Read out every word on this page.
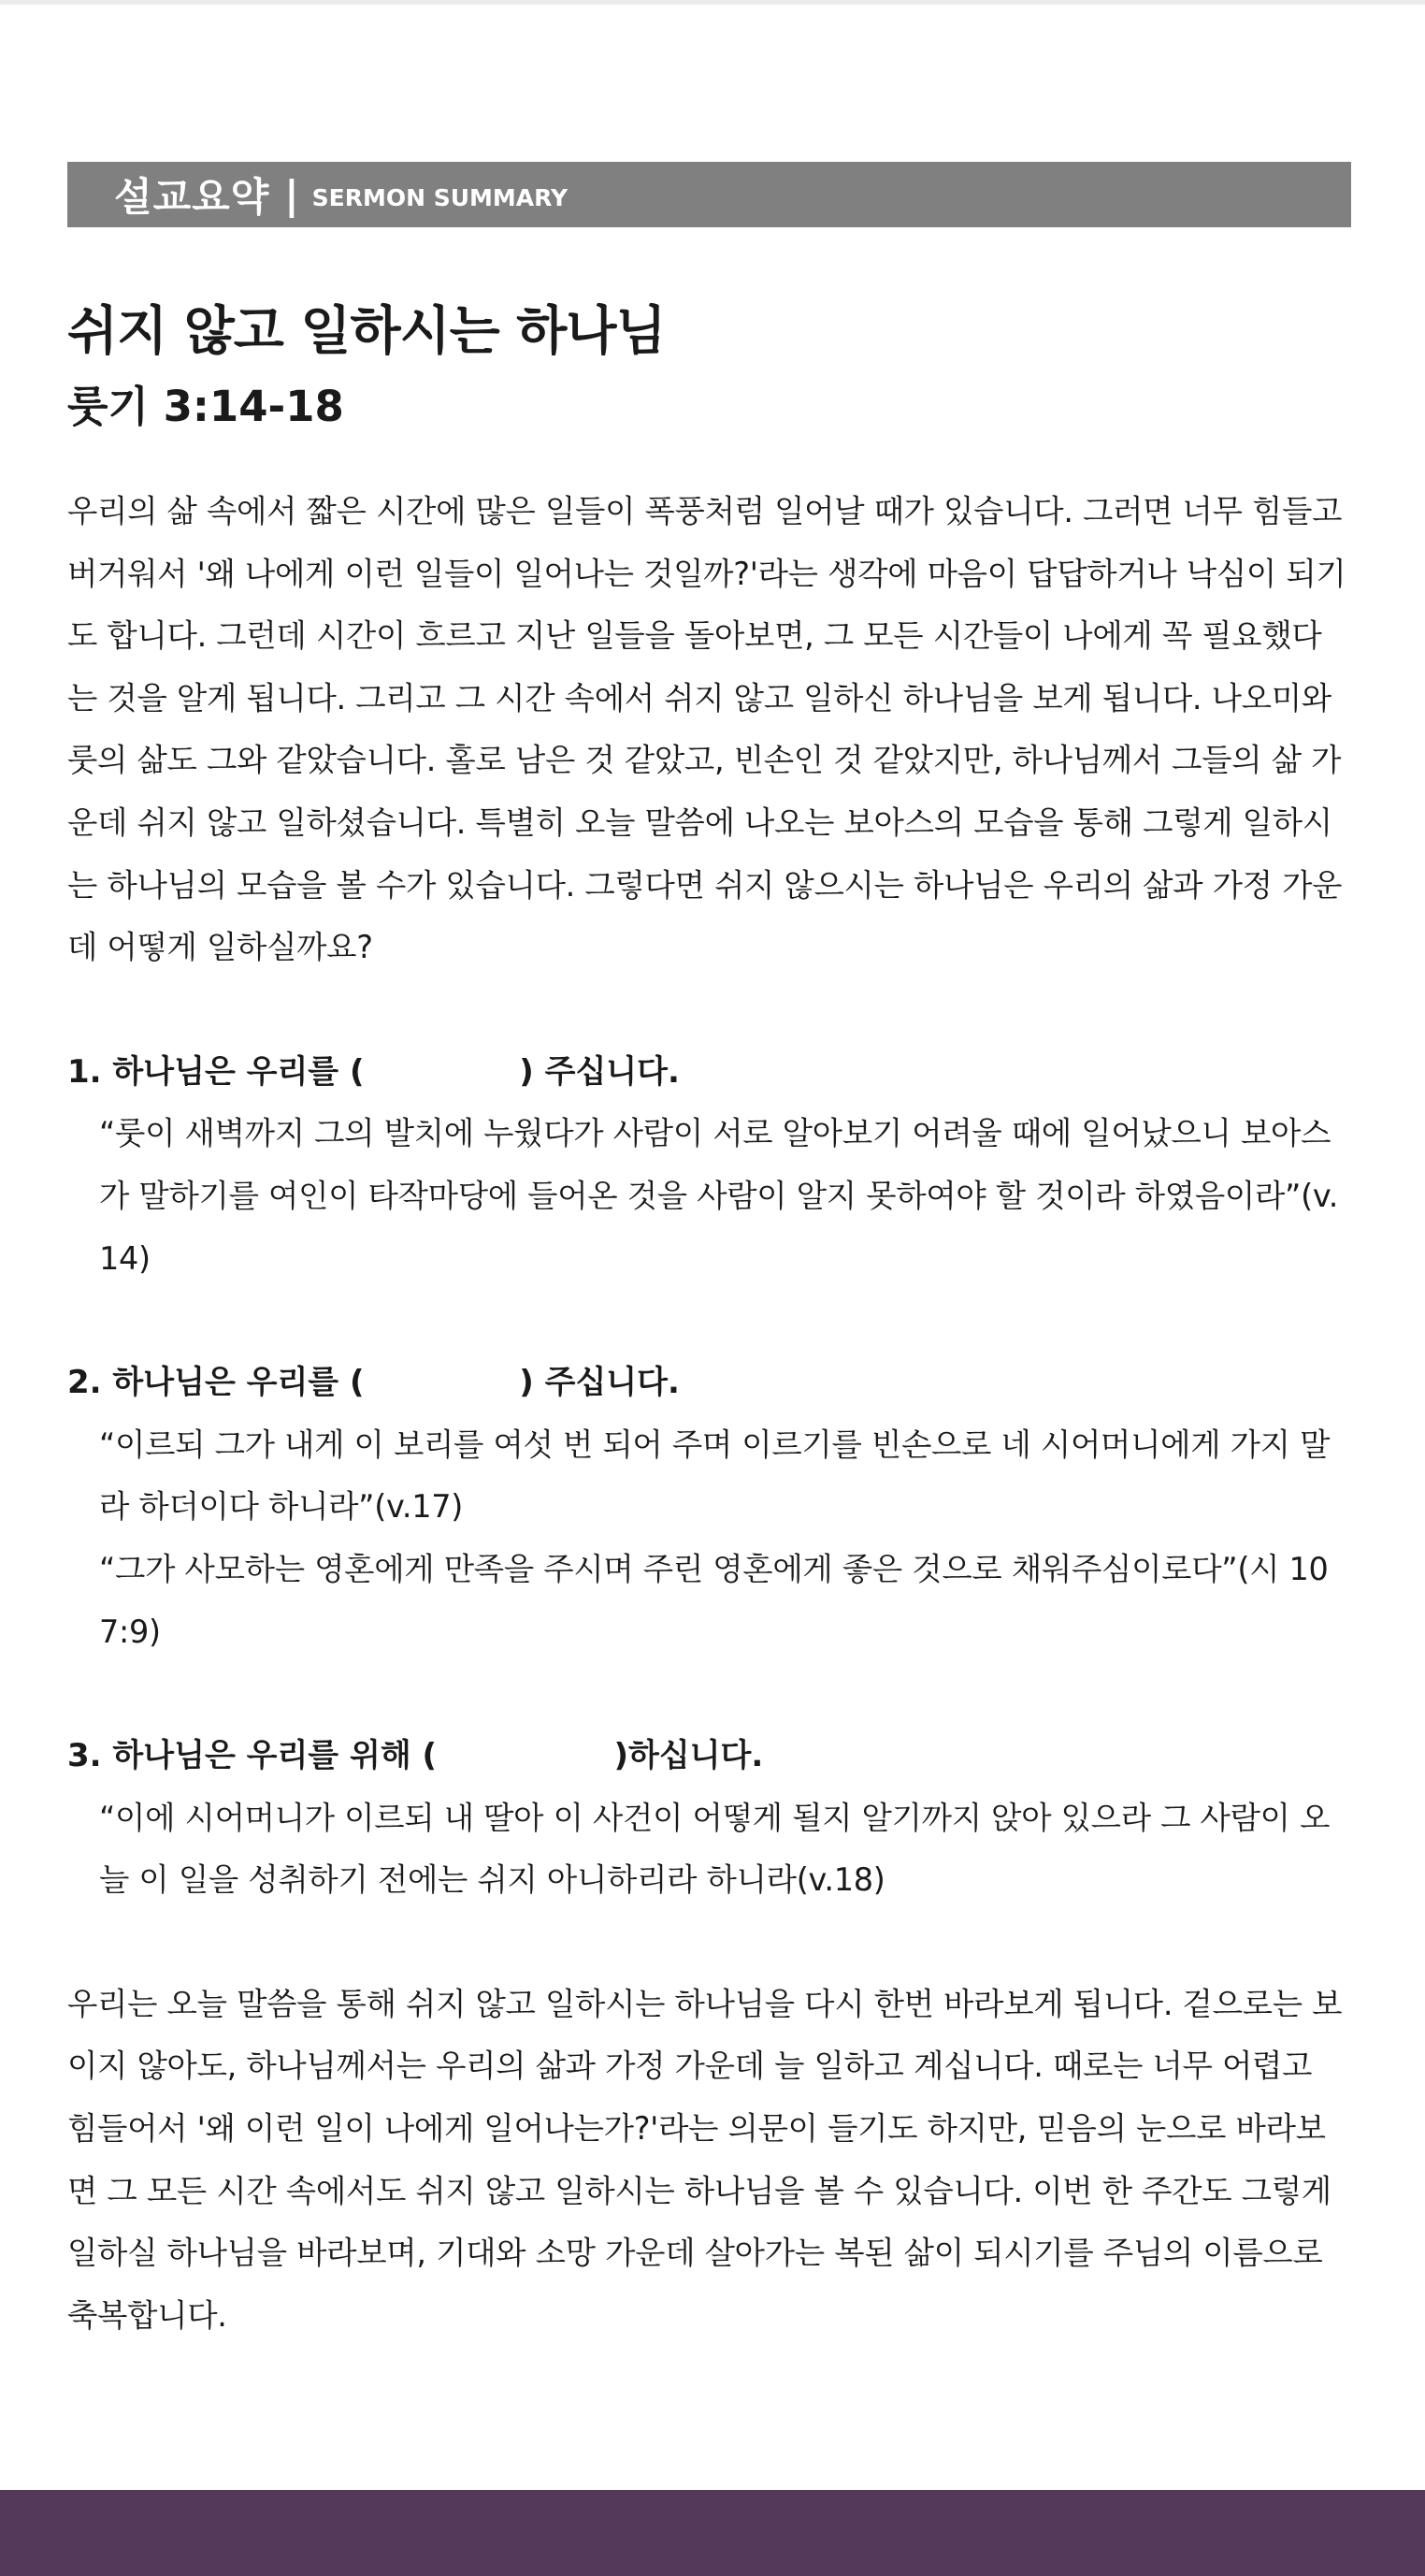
설교요약 | SERMON SUMMARY
쉬지 않고 일하시는 하나님
룻기 3:14-18

우리의 삶 속에서 짧은 시간에 많은 일들이 폭풍처럼 일어날 때가 있습니다. 그러면 너무 힘들고 버거워서 '왜 나에게 이런 일들이 일어나는 것일까?'라는 생각에 마음이 답답하거나 낙심이 되기도 합니다. 그런데 시간이 흐르고 지난 일들을 돌아보면, 그 모든 시간들이 나에게 꼭 필요했다는 것을 알게 됩니다. 그리고 그 시간 속에서 쉬지 않고 일하신 하나님을 보게 됩니다. 나오미와 룻의 삶도 그와 같았습니다. 홀로 남은 것 같았고, 빈손인 것 같았지만, 하나님께서 그들의 삶 가운데 쉬지 않고 일하셨습니다. 특별히 오늘 말씀에 나오는 보아스의 모습을 통해 그렇게 일하시는 하나님의 모습을 볼 수가 있습니다. 그렇다면 쉬지 않으시는 하나님은 우리의 삶과 가정 가운데 어떻게 일하실까요?

1. 하나님은 우리를 (              ) 주십니다.

“룻이 새벽까지 그의 발치에 누웠다가 사람이 서로 알아보기 어려울 때에 일어났으니 보아스가 말하기를 여인이 타작마당에 들어온 것을 사람이 알지 못하여야 할 것이라 하였음이라”(v.14)

2. 하나님은 우리를 (              ) 주십니다.

“이르되 그가 내게 이 보리를 여섯 번 되어 주며 이르기를 빈손으로 네 시어머니에게 가지 말라 하더이다 하니라”(v.17)

“그가 사모하는 영혼에게 만족을 주시며 주린 영혼에게 좋은 것으로 채워주심이로다”(시 107:9)

3. 하나님은 우리를 위해 (                )하십니다.

“이에 시어머니가 이르되 내 딸아 이 사건이 어떻게 될지 알기까지 앉아 있으라 그 사람이 오늘 이 일을 성취하기 전에는 쉬지 아니하리라 하니라(v.18)

우리는 오늘 말씀을 통해 쉬지 않고 일하시는 하나님을 다시 한번 바라보게 됩니다. 겉으로는 보이지 않아도, 하나님께서는 우리의 삶과 가정 가운데 늘 일하고 계십니다. 때로는 너무 어렵고 힘들어서 '왜 이런 일이 나에게 일어나는가?'라는 의문이 들기도 하지만, 믿음의 눈으로 바라보면 그 모든 시간 속에서도 쉬지 않고 일하시는 하나님을 볼 수 있습니다. 이번 한 주간도 그렇게 일하실 하나님을 바라보며, 기대와 소망 가운데 살아가는 복된 삶이 되시기를 주님의 이름으로 축복합니다.
